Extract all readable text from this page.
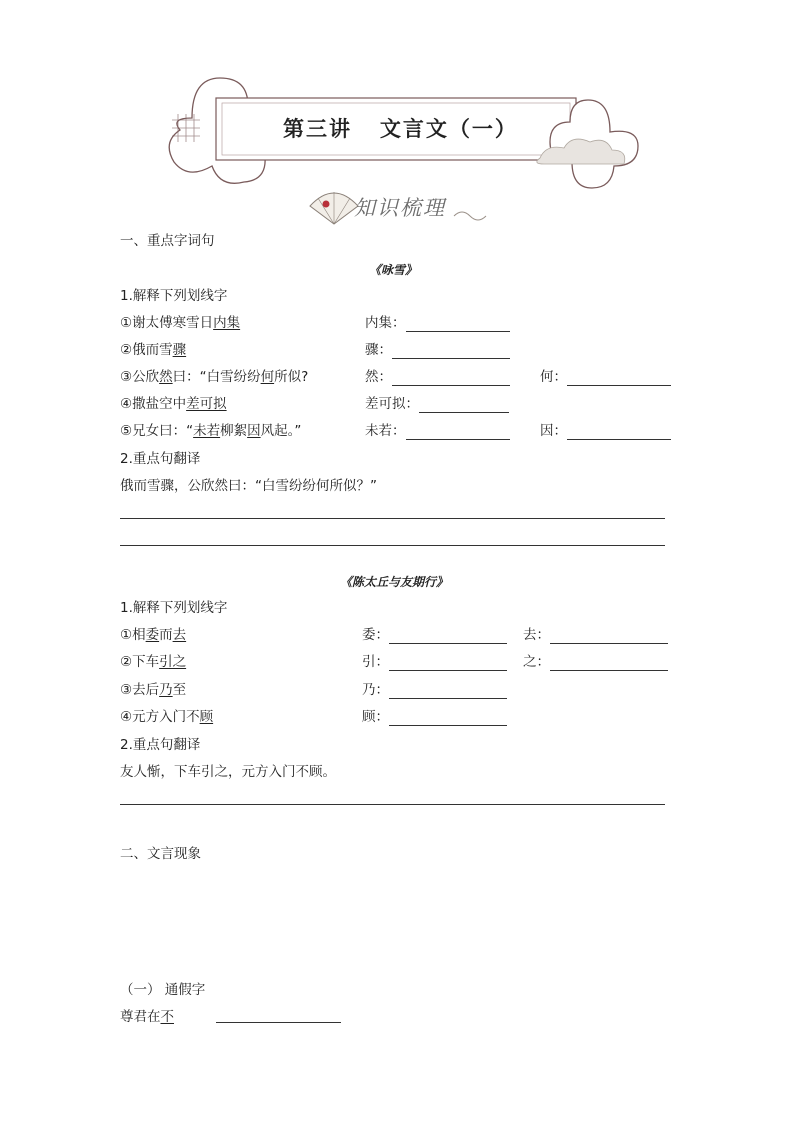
第三讲   文言文（一）
知识梳理
一、重点字词句
《咏雪》
1.解释下列划线字
①谢太傅寒雪日内集	内集：
②俄而雪骤	骤：
③公欣然曰：“白雪纷纷何所似?	然：	何：
④撒盐空中差可拟	差可拟：
⑤兄女曰：“未若柳絮因风起。”	未若：	因：
2.重点句翻译
俄而雪骤，公欣然曰：“白雪纷纷何所似？”
《陈太丘与友期行》
1.解释下列划线字
①相委而去	委：	去：
②下车引之	引：	之：
③去后乃至	乃：
④元方入门不顾	顾：
2.重点句翻译
友人惭，下车引之，元方入门不顾。
二、文言现象
（一） 通假字
尊君在不
